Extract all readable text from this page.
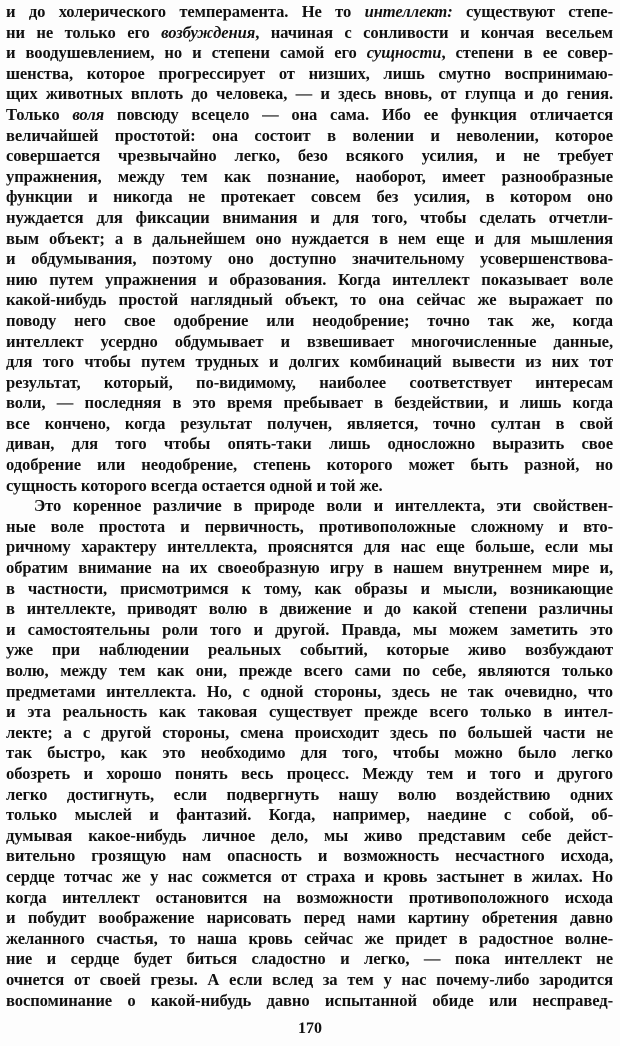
и до холерического темперамента. Не то интеллект: существуют степе-
ни не только его возбуждения, начиная с сонливости и кончая весельем
и воодушевлением, но и степени самой его сущности, степени в ее совер-
шенства, которое прогрессирует от низших, лишь смутно воспринимаю-
щих животных вплоть до человека, — и здесь вновь, от глупца и до гения.
Только воля повсюду всецело — она сама. Ибо ее функция отличается
величайшей простотой: она состоит в волении и неволении, которое
совершается чрезвычайно легко, безо всякого усилия, и не требует
упражнения, между тем как познание, наоборот, имеет разнообразные
функции и никогда не протекает совсем без усилия, в котором оно
нуждается для фиксации внимания и для того, чтобы сделать отчетли-
вым объект; а в дальнейшем оно нуждается в нем еще и для мышления
и обдумывания, поэтому оно доступно значительному усовершенствова-
нию путем упражнения и образования. Когда интеллект показывает воле
какой-нибудь простой наглядный объект, то она сейчас же выражает по
поводу него свое одобрение или неодобрение; точно так же, когда
интеллект усердно обдумывает и взвешивает многочисленные данные,
для того чтобы путем трудных и долгих комбинаций вывести из них тот
результат, который, по-видимому, наиболее соответствует интересам
воли, — последняя в это время пребывает в бездействии, и лишь когда
все кончено, когда результат получен, является, точно султан в свой
диван, для того чтобы опять-таки лишь односложно выразить свое
одобрение или неодобрение, степень которого может быть разной, но
сущность которого всегда остается одной и той же.
Это коренное различие в природе воли и интеллекта, эти свойствен-
ные воле простота и первичность, противоположные сложному и вто-
ричному характеру интеллекта, прояснятся для нас еще больше, если мы
обратим внимание на их своеобразную игру в нашем внутреннем мире и,
в частности, присмотримся к тому, как образы и мысли, возникающие
в интеллекте, приводят волю в движение и до какой степени различны
и самостоятельны роли того и другой. Правда, мы можем заметить это
уже при наблюдении реальных событий, которые живо возбуждают
волю, между тем как они, прежде всего сами по себе, являются только
предметами интеллекта. Но, с одной стороны, здесь не так очевидно, что
и эта реальность как таковая существует прежде всего только в интел-
лекте; а с другой стороны, смена происходит здесь по большей части не
так быстро, как это необходимо для того, чтобы можно было легко
обозреть и хорошо понять весь процесс. Между тем и того и другого
легко достигнуть, если подвергнуть нашу волю воздействию одних
только мыслей и фантазий. Когда, например, наедине с собой, об-
думывая какое-нибудь личное дело, мы живо представим себе дейст-
вительно грозящую нам опасность и возможность несчастного исхода,
сердце тотчас же у нас сожмется от страха и кровь застынет в жилах. Но
когда интеллект остановится на возможности противоположного исхода
и побудит воображение нарисовать перед нами картину обретения давно
желанного счастья, то наша кровь сейчас же придет в радостное волне-
ние и сердце будет биться сладостно и легко, — пока интеллект не
очнется от своей грезы. А если вслед за тем у нас почему-либо зародится
воспоминание о какой-нибудь давно испытанной обиде или несправед-
170
